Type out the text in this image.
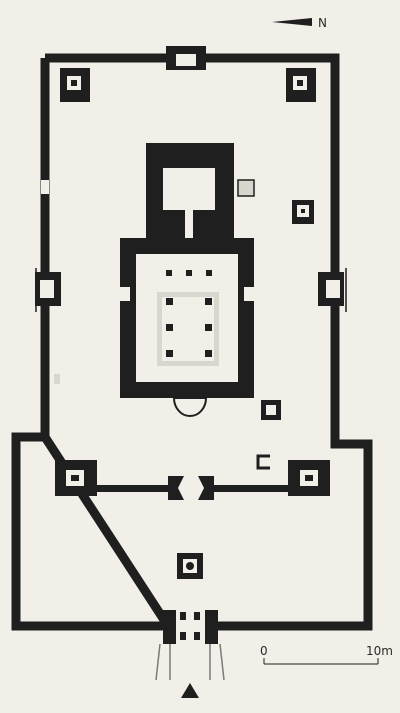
N
0	10m
